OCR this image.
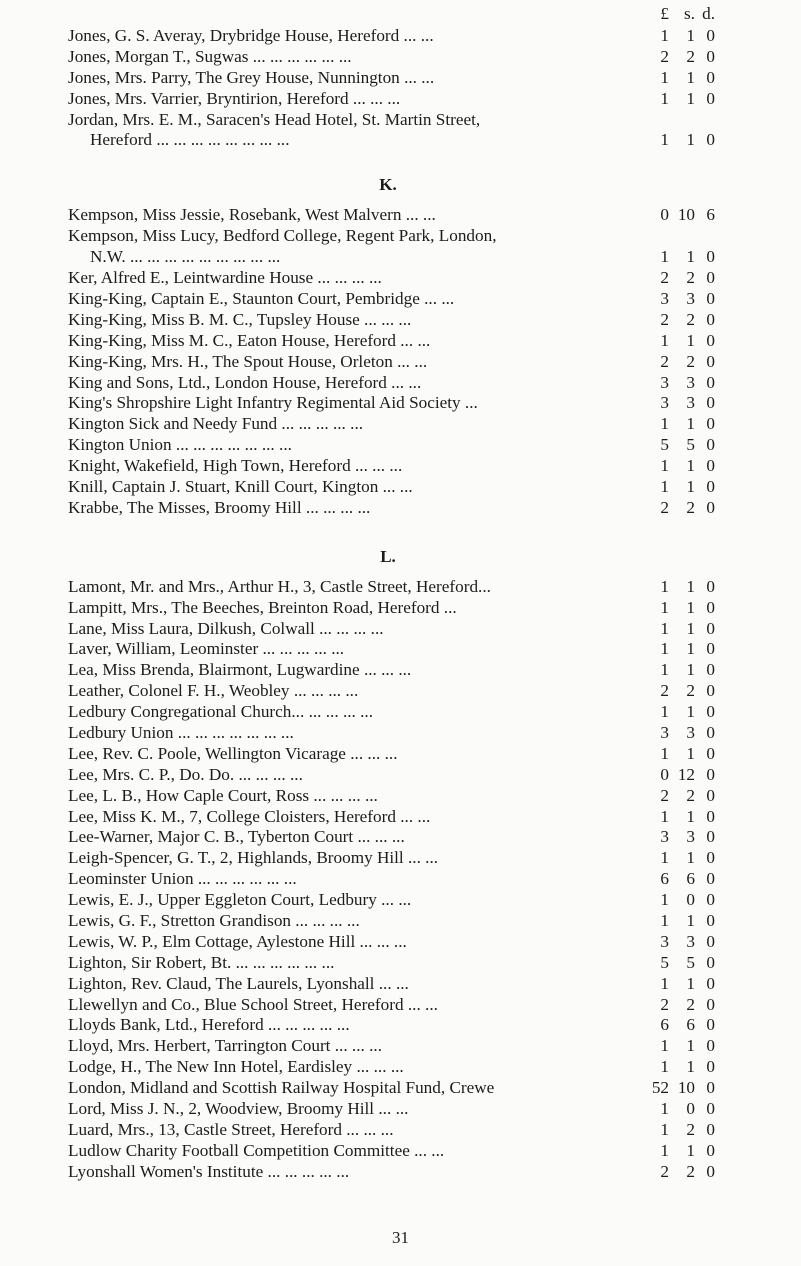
£ s. d.
Jones, G. S. Averay, Drybridge House, Hereford ... ...	1	1 0
Jones, Morgan T., Sugwas ... ... ... ... ... ...	2	2 0
Jones, Mrs. Parry, The Grey House, Nunnington ... ...	1	1 0
Jones, Mrs. Varrier, Bryntirion, Hereford ... ... ...	1	1 0
Jordan, Mrs. E. M., Saracen's Head Hotel, St. Martin Street,
Hereford ... ... ... ... ... ... ... ...	1	1 0
K.
Kempson, Miss Jessie, Rosebank, West Malvern ... ...	0 10 6
Kempson, Miss Lucy, Bedford College, Regent Park, London,
N.W. ... ... ... ... ... ... ... ... ...	1	1 0
Ker, Alfred E., Leintwardine House ... ... ... ...	2	2 0
King-King, Captain E., Staunton Court, Pembridge ... ...	3	3 0
King-King, Miss B. M. C., Tupsley House ... ... ...	2	2 0
King-King, Miss M. C., Eaton House, Hereford ... ...	1	1 0
King-King, Mrs. H., The Spout House, Orleton ... ...	2	2 0
King and Sons, Ltd., London House, Hereford ... ...	3	3 0
King's Shropshire Light Infantry Regimental Aid Society ...	3	3 0
Kington Sick and Needy Fund ... ... ... ... ...	1	1 0
Kington Union ... ... ... ... ... ... ...	5	5 0
Knight, Wakefield, High Town, Hereford ... ... ...	1	1 0
Knill, Captain J. Stuart, Knill Court, Kington ... ...	1	1 0
Krabbe, The Misses, Broomy Hill ... ... ... ...	2	2 0
L.
Lamont, Mr. and Mrs., Arthur H., 3, Castle Street, Hereford...	1	1 0
Lampitt, Mrs., The Beeches, Breinton Road, Hereford ...	1	1 0
Lane, Miss Laura, Dilkush, Colwall ... ... ... ...	1	1 0
Laver, William, Leominster ... ... ... ... ...	1	1 0
Lea, Miss Brenda, Blairmont, Lugwardine ... ... ...	1	1 0
Leather, Colonel F. H., Weobley ... ... ... ...	2	2 0
Ledbury Congregational Church... ... ... ... ...	1	1 0
Ledbury Union ... ... ... ... ... ... ...	3	3 0
Lee, Rev. C. Poole, Wellington Vicarage ... ... ...	1	1 0
Lee, Mrs. C. P., Do. Do. ... ... ... ...	0 12 0
Lee, L. B., How Caple Court, Ross ... ... ... ...	2	2 0
Lee, Miss K. M., 7, College Cloisters, Hereford ... ...	1	1 0
Lee-Warner, Major C. B., Tyberton Court ... ... ...	3	3 0
Leigh-Spencer, G. T., 2, Highlands, Broomy Hill ... ...	1	1 0
Leominster Union ... ... ... ... ... ...	6	6 0
Lewis, E. J., Upper Eggleton Court, Ledbury ... ...	1	0 0
Lewis, G. F., Stretton Grandison ... ... ... ...	1	1 0
Lewis, W. P., Elm Cottage, Aylestone Hill ... ... ...	3	3 0
Lighton, Sir Robert, Bt. ... ... ... ... ... ...	5	5 0
Lighton, Rev. Claud, The Laurels, Lyonshall ... ...	1	1 0
Llewellyn and Co., Blue School Street, Hereford ... ...	2	2 0
Lloyds Bank, Ltd., Hereford ... ... ... ... ...	6	6 0
Lloyd, Mrs. Herbert, Tarrington Court ... ... ...	1	1 0
Lodge, H., The New Inn Hotel, Eardisley ... ... ...	1	1 0
London, Midland and Scottish Railway Hospital Fund, Crewe	52 10 0
Lord, Miss J. N., 2, Woodview, Broomy Hill ... ...	1	0 0
Luard, Mrs., 13, Castle Street, Hereford ... ... ...	1	2 0
Ludlow Charity Football Competition Committee ... ...	1	1 0
Lyonshall Women's Institute ... ... ... ... ...	2	2 0
31
